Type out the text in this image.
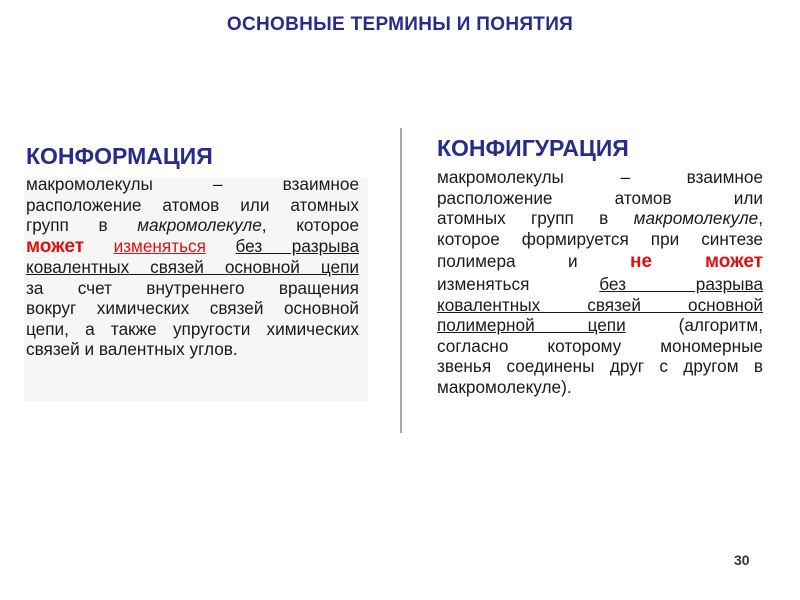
ОСНОВНЫЕ ТЕРМИНЫ И ПОНЯТИЯ
КОНФОРМАЦИЯ
макромолекулы – взаимное
расположение атомов или атомных
групп в макромолекуле, которое
может изменяться без разрыва
ковалентных связей основной цепи
за счет внутреннего вращения
вокруг химических связей основной
цепи, а также упругости химических
связей и валентных углов.
КОНФИГУРАЦИЯ
макромолекулы – взаимное
расположение атомов или
атомных групп в макромолекуле,
которое формируется при синтезе
полимера и	не может
изменяться	без разрыва
ковалентных связей основной
полимерной цепи	(алгоритм,
согласно которому мономерные
звенья соединены друг с другом в
макромолекуле).
30
